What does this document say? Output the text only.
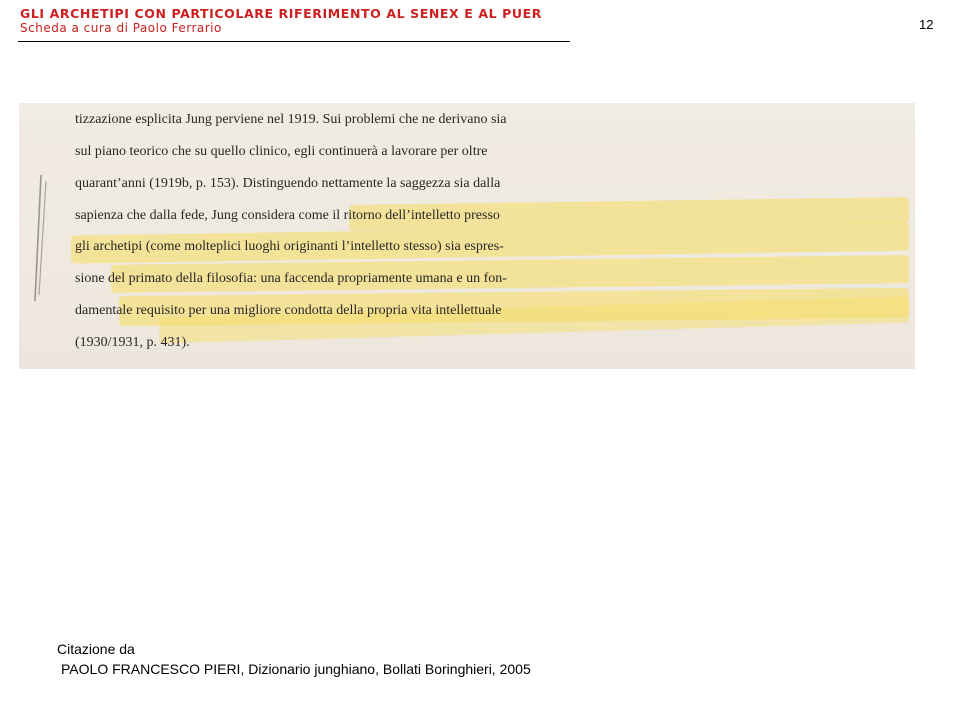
GLI ARCHETIPI CON PARTICOLARE RIFERIMENTO AL SENEX E AL PUER
Scheda a cura di Paolo Ferrario	12

tizzazione esplicita Jung perviene nel 1919. Sui problemi che ne derivano sia

sul piano teorico che su quello clinico, egli continuerà a lavorare per oltre

quarant’anni (1919b, p. 153). Distinguendo nettamente la saggezza sia dalla

sapienza che dalla fede, Jung considera come il ritorno dell’intelletto presso

gli archetipi (come molteplici luoghi originanti l’intelletto stesso) sia espres-

sione del primato della filosofia: una faccenda propriamente umana e un fon-

damentale requisito per una migliore condotta della propria vita intellettuale

(1930/1931, p. 431).

Citazione da
PAOLO FRANCESCO PIERI, Dizionario junghiano, Bollati Boringhieri, 2005
